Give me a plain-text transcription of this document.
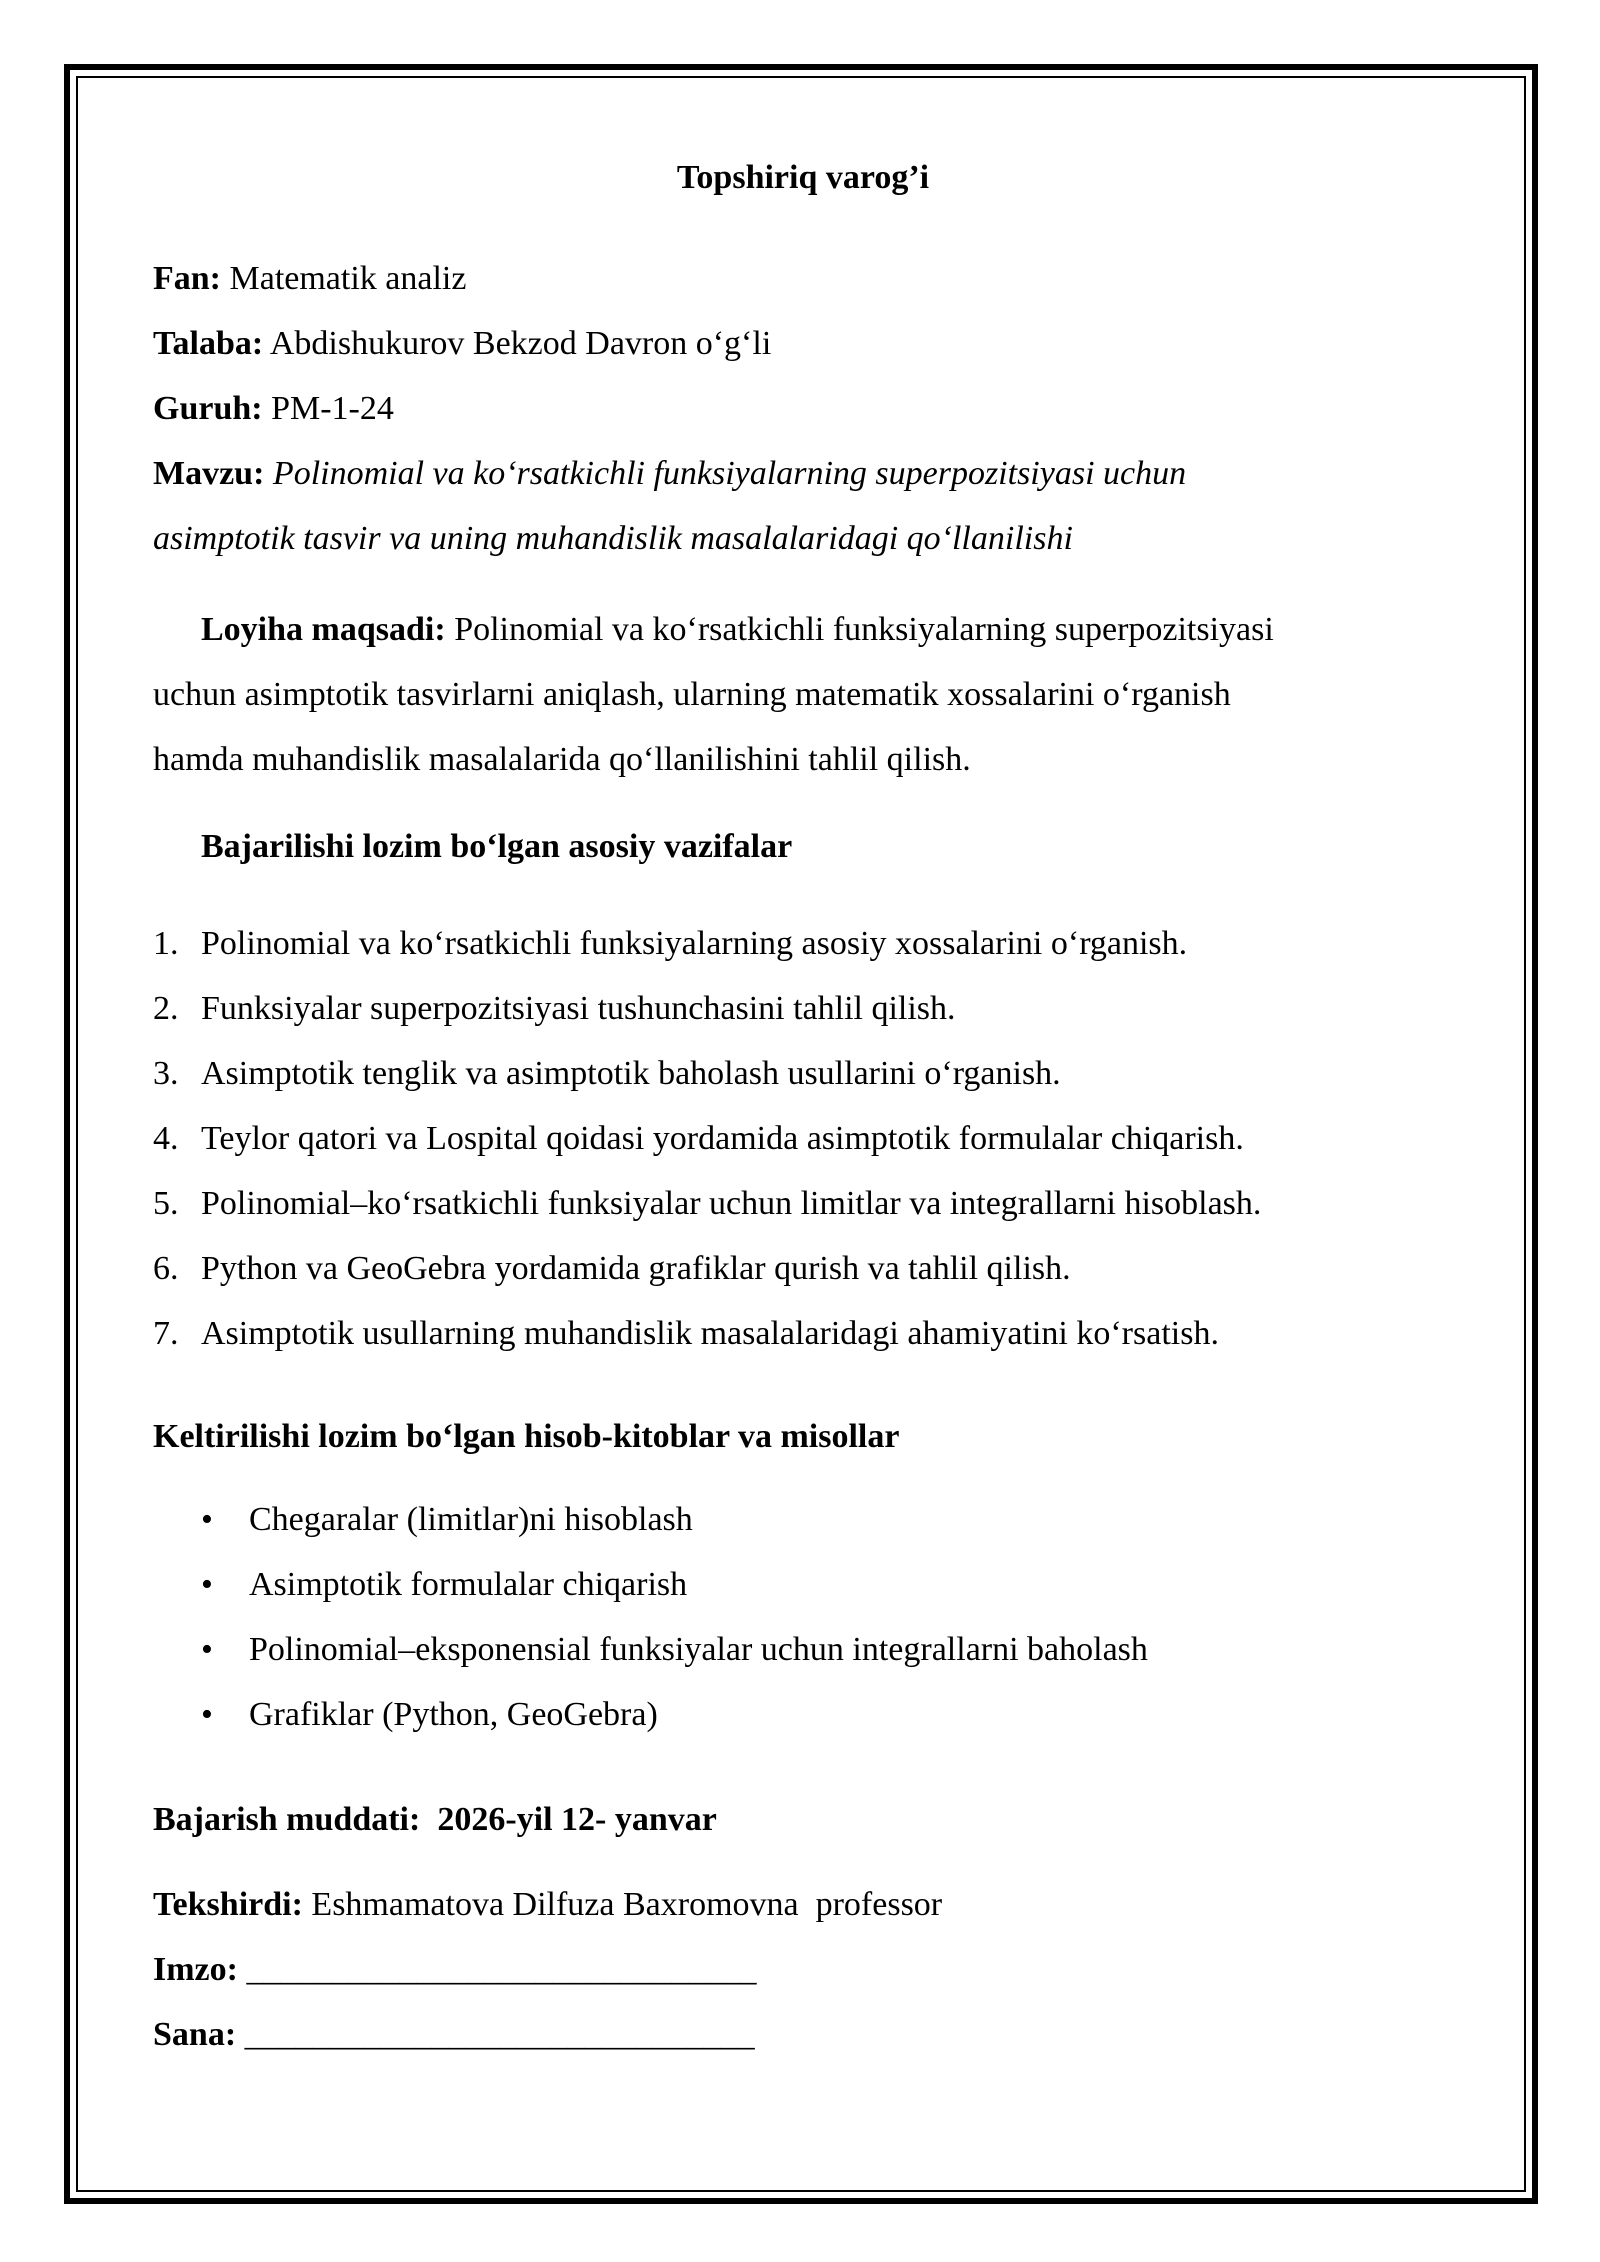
Topshiriq varog’i
Fan: Matematik analiz
Talaba: Abdishukurov Bekzod Davron o‘g‘li
Guruh: PM-1-24
Mavzu: Polinomial va ko‘rsatkichli funksiyalarning superpozitsiyasi uchun
asimptotik tasvir va uning muhandislik masalalaridagi qo‘llanilishi
Loyiha maqsadi: Polinomial va ko‘rsatkichli funksiyalarning superpozitsiyasi
uchun asimptotik tasvirlarni aniqlash, ularning matematik xossalarini o‘rganish
hamda muhandislik masalalarida qo‘llanilishini tahlil qilish.
Bajarilishi lozim bo‘lgan asosiy vazifalar
1. Polinomial va ko‘rsatkichli funksiyalarning asosiy xossalarini o‘rganish.
2. Funksiyalar superpozitsiyasi tushunchasini tahlil qilish.
3. Asimptotik tenglik va asimptotik baholash usullarini o‘rganish.
4. Teylor qatori va Lospital qoidasi yordamida asimptotik formulalar chiqarish.
5. Polinomial–ko‘rsatkichli funksiyalar uchun limitlar va integrallarni hisoblash.
6. Python va GeoGebra yordamida grafiklar qurish va tahlil qilish.
7. Asimptotik usullarning muhandislik masalalaridagi ahamiyatini ko‘rsatish.
Keltirilishi lozim bo‘lgan hisob-kitoblar va misollar
• Chegaralar (limitlar)ni hisoblash
• Asimptotik formulalar chiqarish
• Polinomial–eksponensial funksiyalar uchun integrallarni baholash
• Grafiklar (Python, GeoGebra)
Bajarish muddati:  2026-yil 12- yanvar
Tekshirdi: Eshmamatova Dilfuza Baxromovna  professor
Imzo: ______________________________
Sana: ______________________________
